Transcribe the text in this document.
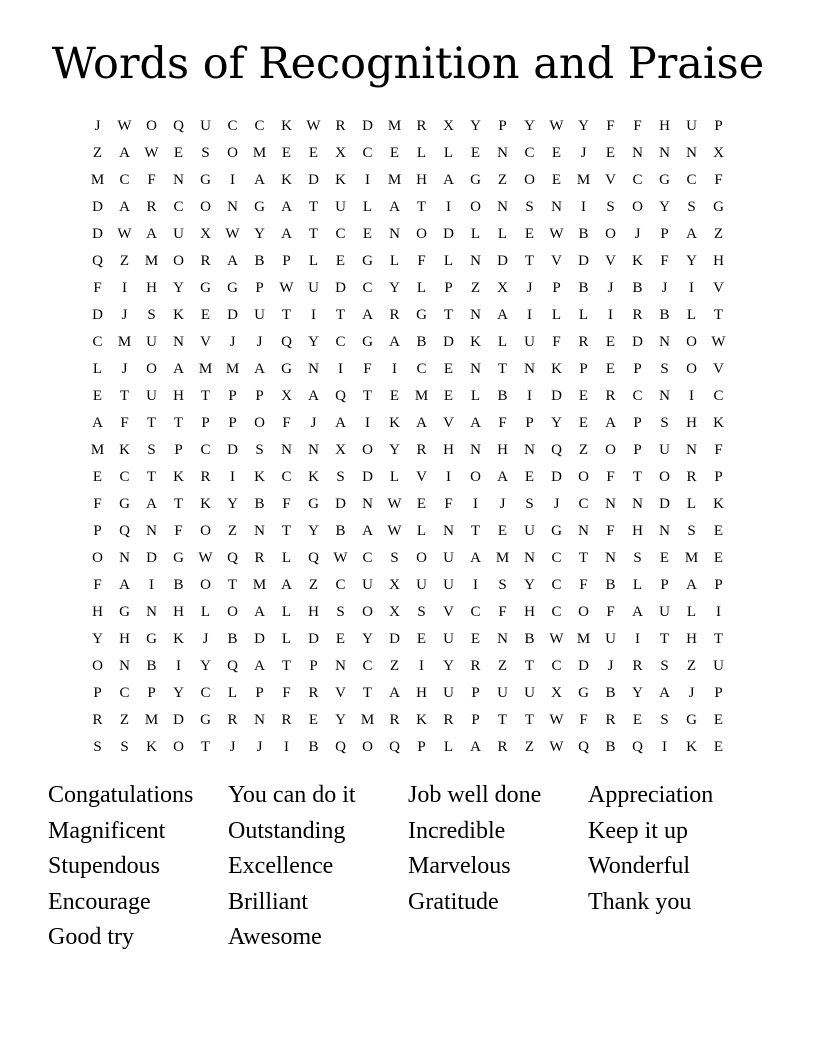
Words of Recognition and Praise
J	W O	Q	U	C	C	K W R	D M	R	X	Y	P	Y W Y	F	F	H	U	P
Z	A W	E	S	O M	E	E	X	C	E	L	L	E	N	C	E	J	E	N	N	N	X
M	C	F	N	G	I	A	K	D	K	I	M H	A	G	Z	O	E	M V	C	G	C	F
D	A	R	C	O	N	G	A	T	U	L	A	T	I	O	N	S	N	I	S	O	Y	S	G
D W A	U	X W Y	A	T	C	E	N	O	D	L	L	E	W B	O	J	P	A	Z
Q	Z	M O	R	A	B	P	L	E	G	L	F	L	N	D	T	V	D	V	K	F	Y	H
F	I	H	Y	G	G	P	W U	D	C	Y	L	P	Z	X	J	P	B	J	B	J	I	V
D	J	S	K	E	D	U	T	I	T	A	R	G	T	N	A	I	L	L	I	R	B	L	T
C	M U	N	V	J	J	Q	Y	C	G	A	B	D	K	L	U	F	R	E	D	N	O W
L	J	O	A M M A	G	N	I	F	I	C	E	N	T	N	K	P	E	P	S	O	V
E	T	U	H	T	P	P	X	A	Q	T	E	M	E	L	B	I	D	E	R	C	N	I	C
A	F	T	T	P	P	O	F	J	A	I	K	A	V	A	F	P	Y	E	A	P	S	H	K
M K	S	P	C	D	S	N	N	X	O	Y	R	H	N	H	N	Q	Z	O	P	U	N	F
E	C	T	K	R	I	K	C	K	S	D	L	V	I	O	A	E	D	O	F	T	O	R	P
F	G	A	T	K	Y	B	F	G	D	N W	E	F	I	J	S	J	C	N	N	D	L	K
P	Q	N	F	O	Z	N	T	Y	B	A W	L	N	T	E	U	G	N	F	H	N	S	E
O	N	D	G W Q	R	L	Q W C	S	O	U	A M N	C	T	N	S	E	M	E
F	A	I	B	O	T	M A	Z	C	U	X	U	U	I	S	Y	C	F	B	L	P	A	P
H	G	N	H	L	O	A	L	H	S	O	X	S	V	C	F	H	C	O	F	A	U	L	I
Y	H	G	K	J	B	D	L	D	E	Y	D	E	U	E	N	B W M U	I	T	H	T
O	N	B	I	Y	Q	A	T	P	N	C	Z	I	Y	R	Z	T	C	D	J	R	S	Z	U
P	C	P	Y	C	L	P	F	R	V	T	A	H	U	P	U	U	X	G	B	Y	A	J	P
R	Z	M D	G	R	N	R	E	Y M	R	K	R	P	T	T	W	F	R	E	S	G	E
S	S	K	O	T	J	J	I	B	Q	O	Q	P	L	A	R	Z	W Q	B	Q	I	K	E
Congatulations	You can do it	Job well done	Appreciation
Magnificent	Outstanding	Incredible	Keep it up
Stupendous	Excellence	Marvelous	Wonderful
Encourage	Brilliant	Gratitude	Thank you
Good try	Awesome
